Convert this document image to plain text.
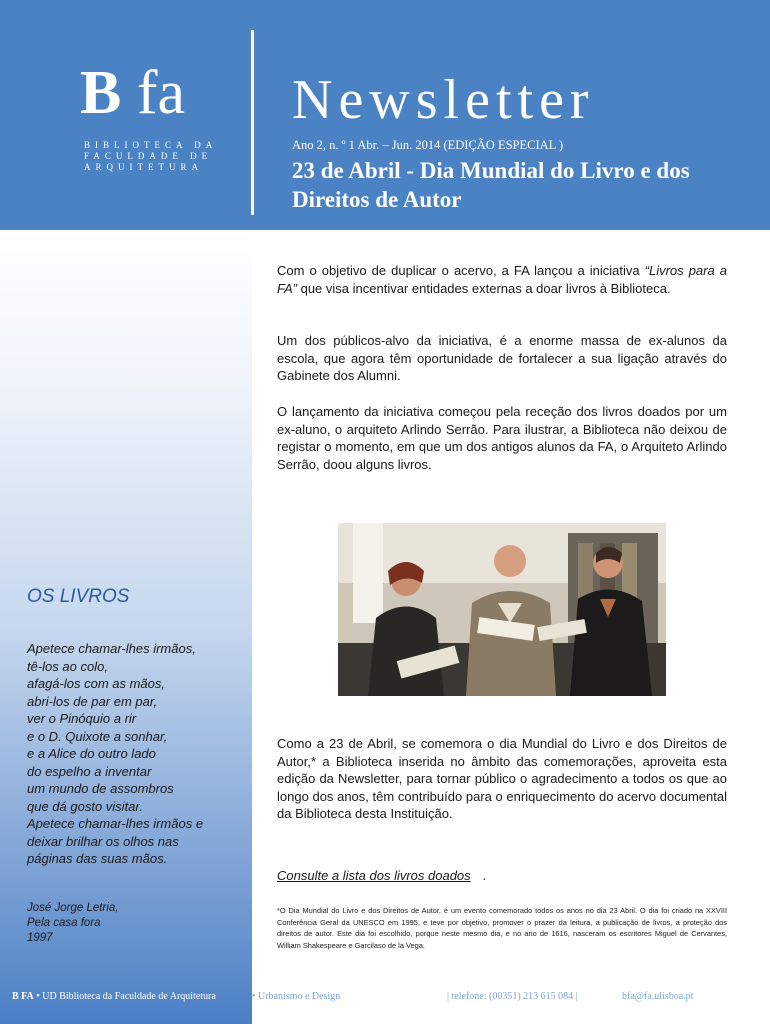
B fa
BIBLIOTECA DA
FACULDADE DE
ARQUITETURA
Newsletter
Ano 2, n. º 1 Abr. – Jun. 2014 (EDIÇÃO ESPECIAL )
23 de Abril - Dia Mundial do Livro e dos Direitos de Autor
OS LIVROS
Apetece chamar-lhes irmãos,
tê-los ao colo,
afagá-los com as mãos,
abri-los de par em par,
ver o Pinóquio a rir
e o D. Quixote a sonhar,
e a Alice do outro lado
do espelho a inventar
um mundo de assombros
que dá gosto visitar.
Apetece chamar-lhes irmãos e
deixar brilhar os olhos nas
páginas das suas mãos.
José Jorge Letria,
Pela casa fora
1997

Com o objetivo de duplicar o acervo, a FA lançou a iniciativa “Livros para a FA” que visa incentivar entidades externas a doar livros à Biblioteca.

Um dos públicos-alvo da iniciativa, é a enorme massa de ex-alunos da escola, que agora têm oportunidade de fortalecer a sua ligação através do Gabinete dos Alumni.

O lançamento da iniciativa começou pela receção dos livros doados por um ex-aluno, o arquiteto Arlindo Serrão. Para ilustrar, a Biblioteca não deixou de registar o momento, em que um dos antigos alunos da FA, o Arquiteto Arlindo Serrão, doou alguns livros.

Como a 23 de Abril, se comemora o dia Mundial do Livro e dos Direitos de Autor,* a Biblioteca inserida no âmbito das comemorações, aproveita esta edição da Newsletter, para tornar público o agradecimento a todos os que ao longo dos anos, têm contribuído para o enriquecimento do acervo documental da Biblioteca desta Instituição.

Consulte a lista dos livros doados .

*O Dia Mundial do Livro e dos Direitos de Autor, é um evento comemorado todos os anos no dia 23 Abril. O dia foi criado na XXVIII Conferência Geral da UNESCO em 1995, e teve por objetivo, promover o prazer da leitura, a publicação de livros, a proteção dos direitos de autor. Este dia foi escolhido, porque neste mesmo dia, e no ano de 1616, nasceram os escritores Miguel de Cervantes, William Shakespeare e Garcilaso de la Vega.

B FA • UD Biblioteca da Faculdade de Arquitetura	• Urbanismo e Design	| telefone: (00351) 213 615 084 |	bfa@fa.ulisboa.pt
